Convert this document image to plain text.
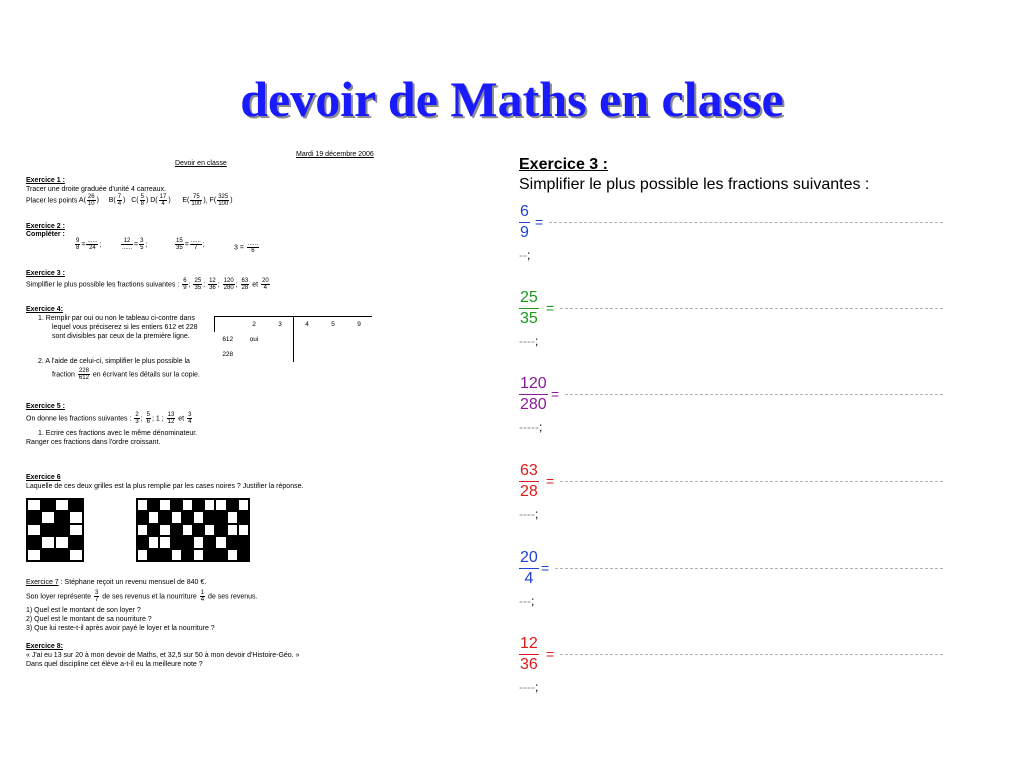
devoir de Maths en classe
Mardi 19 décembre 2006
Devoir en classe
Exercice 1 :
Tracer une droite graduée d'unité 4 carreaux.
Placer les points $A( \frac{26}{10}$ ) $B( \frac{7}{4}$ ) $C( \frac{5}{8}$ ) $D( \frac{17}{4}$ ) $E( \frac{75}{100}$ ), $F( \frac{325}{100}$ )
Exercice 2 :
Compléter :
$\frac{9}{8} = \frac{......}{24}$ ;	$\frac{12}{......} = \frac{3}{5}$ ;	$\frac{15}{35} = \frac{......}{7}$ ;	$3 = \frac{......}{6}$
Exercice 3 :
Simplifier le plus possible les fractions suivantes : $\frac{6}{9}$ ; $\frac{25}{35}$ ; $\frac{12}{36}$ ; $\frac{120}{280}$ ; $\frac{63}{28}$ et $\frac{20}{4}$
Exercice 4:
1. Remplir par oui ou non le tableau ci-contre dans
lequel vous préciserez si les entiers 612 et 228
sont divisibles par ceux de la première ligne.
2. A l'aide de celui-ci, simplifier le plus possible la
fraction $\frac{228}{612}$ en écrivant les détails sur la copie.
	2	3	4	5	9
612	oui				
228					
Exercice 5 :
On donne les fractions suivantes : $\frac{2}{3}$ ; $\frac{5}{6}$ ; 1 ; $\frac{13}{12}$ et $\frac{3}{4}$
1. Ecrire ces fractions avec le même dénominateur.
Ranger ces fractions dans l'ordre croissant.
Exercice 6
Laquelle de ces deux grilles est la plus remplie par les cases noires ? Justifier la réponse.
Exercice 7 : Stéphane reçoit un revenu mensuel de 840 €.
Son loyer représente $\frac{3}{7}$ de ses revenus et la nourriture $\frac{1}{4}$ de ses revenus.
1) Quel est le montant de son loyer ?
2) Quel est le montant de sa nourriture ?
3) Que lui reste-t-il après avoir payé le loyer et la nourriture ?
Exercice 8:
« J'ai eu 13 sur 20 à mon devoir de Maths, et 32,5 sur 50 à mon devoir d'Histoire-Géo. »
Dans quel discipline cet élève a-t-il eu la meilleure note ?
Exercice 3 :
Simplifier le plus possible les fractions suivantes :
$\frac{6}{9}$ =
--;
$\frac{25}{35}$ =
----;
$\frac{120}{280}$ =
-----;
$\frac{63}{28}$ =
----;
$\frac{20}{4}$ =
---;
$\frac{12}{36}$ =
----;
